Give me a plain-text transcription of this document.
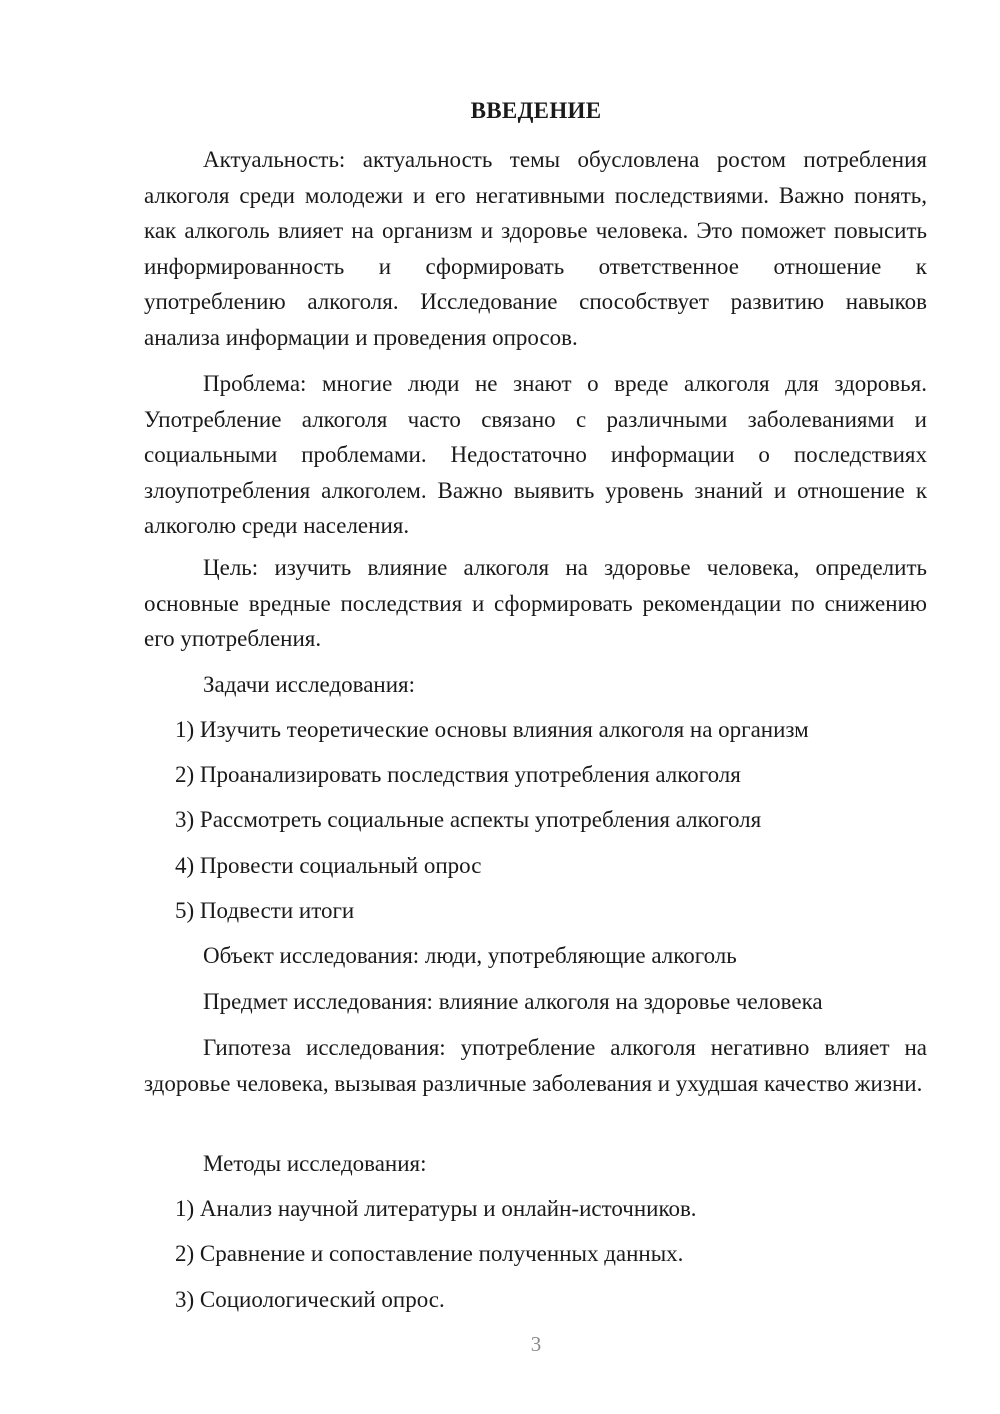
ВВЕДЕНИЕ

Актуальность: актуальность темы обусловлена ростом потребления алкоголя среди молодежи и его негативными последствиями. Важно понять, как алкоголь влияет на организм и здоровье человека. Это поможет повысить информированность и сформировать ответственное отношение к употреблению алкоголя. Исследование способствует развитию навыков анализа информации и проведения опросов.

Проблема: многие люди не знают о вреде алкоголя для здоровья. Употребление алкоголя часто связано с различными заболеваниями и социальными проблемами. Недостаточно информации о последствиях злоупотребления алкоголем. Важно выявить уровень знаний и отношение к алкоголю среди населения.

Цель: изучить влияние алкоголя на здоровье человека, определить основные вредные последствия и сформировать рекомендации по снижению его употребления.

Задачи исследования:

1) Изучить теоретические основы влияния алкоголя на организм

2) Проанализировать последствия употребления алкоголя

3) Рассмотреть социальные аспекты употребления алкоголя

4) Провести социальный опрос

5) Подвести итоги

Объект исследования: люди, употребляющие алкоголь

Предмет исследования: влияние алкоголя на здоровье человека

Гипотеза исследования: употребление алкоголя негативно влияет на здоровье человека, вызывая различные заболевания и ухудшая качество жизни.

Методы исследования:

1) Анализ научной литературы и онлайн-источников.

2) Сравнение и сопоставление полученных данных.

3) Социологический опрос.

3
